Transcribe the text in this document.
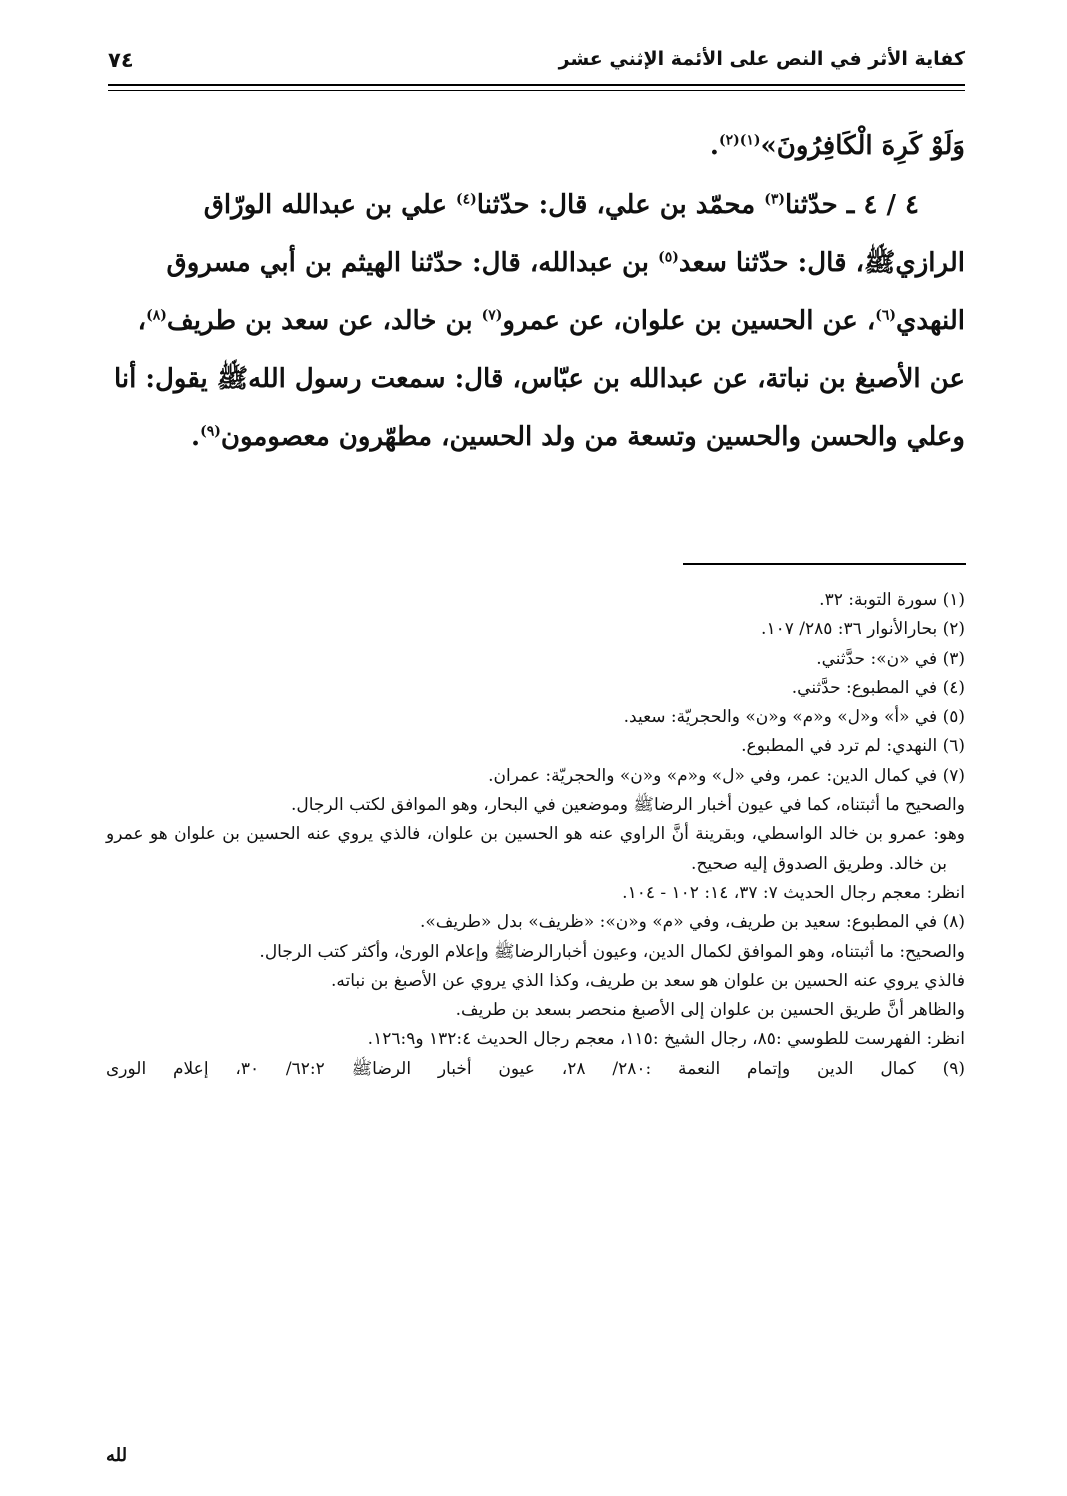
كفاية الأثر في النص على الأئمة الإثني عشر
٧٤

وَلَوْ كَرِهَ الْكَافِرُونَ»$^{(١)(٢)}$.

٤ / ٤ ـ حدّثنا$^{(٣)}$ محمّد بن علي، قال: حدّثنا$^{(٤)}$ علي بن عبدالله الورّاق الرازيﷺ، قال: حدّثنا سعد$^{(٥)}$ بن عبدالله، قال: حدّثنا الهيثم بن أبي مسروق النهدي$^{(٦)}$، عن الحسين بن علوان، عن عمرو$^{(٧)}$ بن خالد، عن سعد بن طريف$^{(٨)}$، عن الأصبغ بن نباتة، عن عبدالله بن عبّاس، قال: سمعت رسول اللهﷺ يقول: أنا وعلي والحسن والحسين وتسعة من ولد الحسين، مطهّرون معصومون$^{(٩)}$.

(١) سورة التوبة: ٣٢.

(٢) بحارالأنوار ٣٦: ٢٨٥/ ١٠٧.

(٣) في «ن»: حدَّثني.

(٤) في المطبوع: حدَّثني.

(٥) في «أ» و«ل» و«م» و«ن» والحجريّة: سعيد.

(٦) النهدي: لم ترد في المطبوع.

(٧) في كمال الدين: عمر، وفي «ل» و«م» و«ن» والحجريّة: عمران.

والصحيح ما أثبتناه، كما في عيون أخبار الرضاﷺ وموضعين في البحار، وهو الموافق لكتب الرجال.

وهو: عمرو بن خالد الواسطي، وبقرينة أنَّ الراوي عنه هو الحسين بن علوان، فالذي يروي عنه الحسين بن علوان هو عمرو بن خالد. وطريق الصدوق إليه صحيح.

انظر: معجم رجال الحديث ٧: ٣٧، ١٤: ١٠٢ - ١٠٤.

(٨) في المطبوع: سعيد بن طريف، وفي «م» و«ن»: «ظريف» بدل «طريف».

والصحيح: ما أثبتناه، وهو الموافق لكمال الدين، وعيون أخبارالرضاﷺ وإعلام الورىٰ، وأكثر كتب الرجال.

فالذي يروي عنه الحسين بن علوان هو سعد بن طريف، وكذا الذي يروي عن الأصبغ بن نباته.

والظاهر أنَّ طريق الحسين بن علوان إلى الأصبغ منحصر بسعد بن طريف.

انظر: الفهرست للطوسي :٨٥، رجال الشيخ :١١٥، معجم رجال الحديث ١٣٢:٤ و١٢٦:٩.

(٩) كمال الدين وإتمام النعمة :٢٨٠/ ٢٨، عيون أخبار الرضاﷺ ٦٢:٢/ ٣٠، إعلام الورى

لله
